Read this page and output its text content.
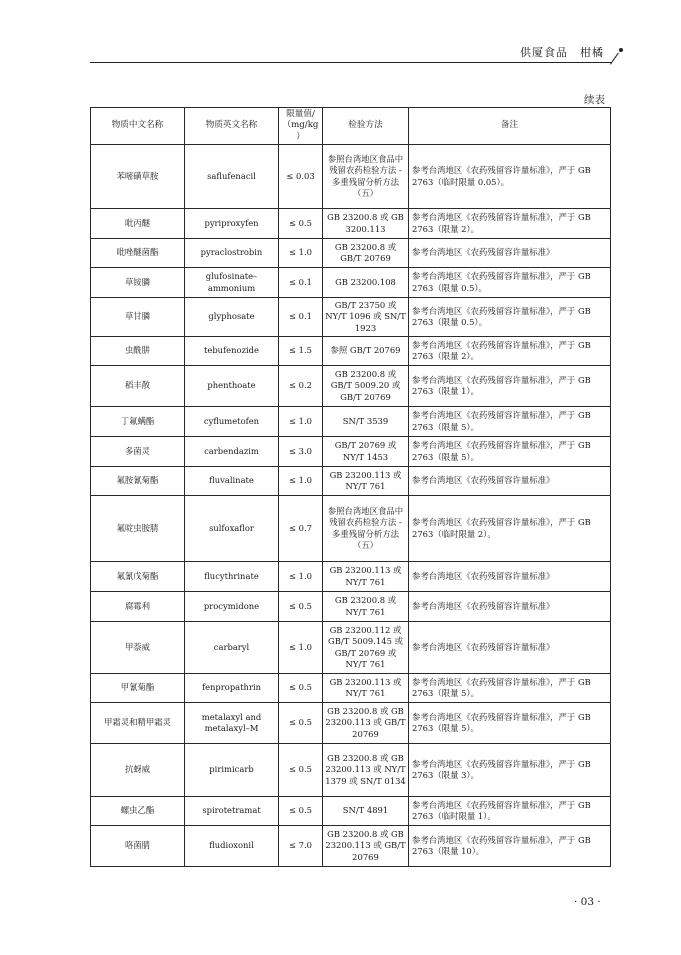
供厦食品　柑橘
续表
物质中文名称	物质英文名称	限量值/（mg/kg）	检验方法	备注
苯嘧磺草胺	saflufenacil	≤ 0.03	参照台湾地区食品中残留农药检验方法 - 多重残留分析方法（五）	参考台湾地区《农药残留容许量标准》，严于 GB 2763（临时限量 0.05）。
吡丙醚	pyriproxyfen	≤ 0.5	GB 23200.8 或 GB 3200.113	参考台湾地区《农药残留容许量标准》，严于 GB 2763（限量 2）。
吡唑醚菌酯	pyraclostrobin	≤ 1.0	GB 23200.8 或 GB/T 20769	参考台湾地区《农药残留容许量标准》
草铵膦	glufosinate–ammonium	≤ 0.1	GB 23200.108	参考台湾地区《农药残留容许量标准》，严于 GB 2763（限量 0.5）。
草甘膦	glyphosate	≤ 0.1	GB/T 23750 或 NY/T 1096 或 SN/T 1923	参考台湾地区《农药残留容许量标准》，严于 GB 2763（限量 0.5）。
虫酰肼	tebufenozide	≤ 1.5	参照 GB/T 20769	参考台湾地区《农药残留容许量标准》，严于 GB 2763（限量 2）。
稻丰散	phenthoate	≤ 0.2	GB 23200.8 或 GB/T 5009.20 或 GB/T 20769	参考台湾地区《农药残留容许量标准》，严于 GB 2763（限量 1）。
丁氟螨酯	cyflumetofen	≤ 1.0	SN/T 3539	参考台湾地区《农药残留容许量标准》，严于 GB 2763（限量 5）。
多菌灵	carbendazim	≤ 3.0	GB/T 20769 或 NY/T 1453	参考台湾地区《农药残留容许量标准》，严于 GB 2763（限量 5）。
氟胺氰菊酯	fluvalinate	≤ 1.0	GB 23200.113 或 NY/T 761	参考台湾地区《农药残留容许量标准》
氟啶虫胺腈	sulfoxaflor	≤ 0.7	参照台湾地区食品中残留农药检验方法 - 多重残留分析方法（五）	参考台湾地区《农药残留容许量标准》，严于 GB 2763（临时限量 2）。
氟氰戊菊酯	flucythrinate	≤ 1.0	GB 23200.113 或 NY/T 761	参考台湾地区《农药残留容许量标准》
腐霉利	procymidone	≤ 0.5	GB 23200.8 或 NY/T 761	参考台湾地区《农药残留容许量标准》
甲萘威	carbaryl	≤ 1.0	GB 23200.112 或 GB/T 5009.145 或 GB/T 20769 或 NY/T 761	参考台湾地区《农药残留容许量标准》
甲氰菊酯	fenpropathrin	≤ 0.5	GB 23200.113 或 NY/T 761	参考台湾地区《农药残留容许量标准》，严于 GB 2763（限量 5）。
甲霜灵和精甲霜灵	metalaxyl and metalaxyl–M	≤ 0.5	GB 23200.8 或 GB 23200.113 或 GB/T 20769	参考台湾地区《农药残留容许量标准》，严于 GB 2763（限量 5）。
抗蚜威	pirimicarb	≤ 0.5	GB 23200.8 或 GB 23200.113 或 NY/T 1379 或 SN/T 0134	参考台湾地区《农药残留容许量标准》，严于 GB 2763（限量 3）。
螺虫乙酯	spirotetramat	≤ 0.5	SN/T 4891	参考台湾地区《农药残留容许量标准》，严于 GB 2763（临时限量 1）。
咯菌腈	fludioxonil	≤ 7.0	GB 23200.8 或 GB 23200.113 或 GB/T 20769	参考台湾地区《农药残留容许量标准》，严于 GB 2763（限量 10）。
· 03 ·
